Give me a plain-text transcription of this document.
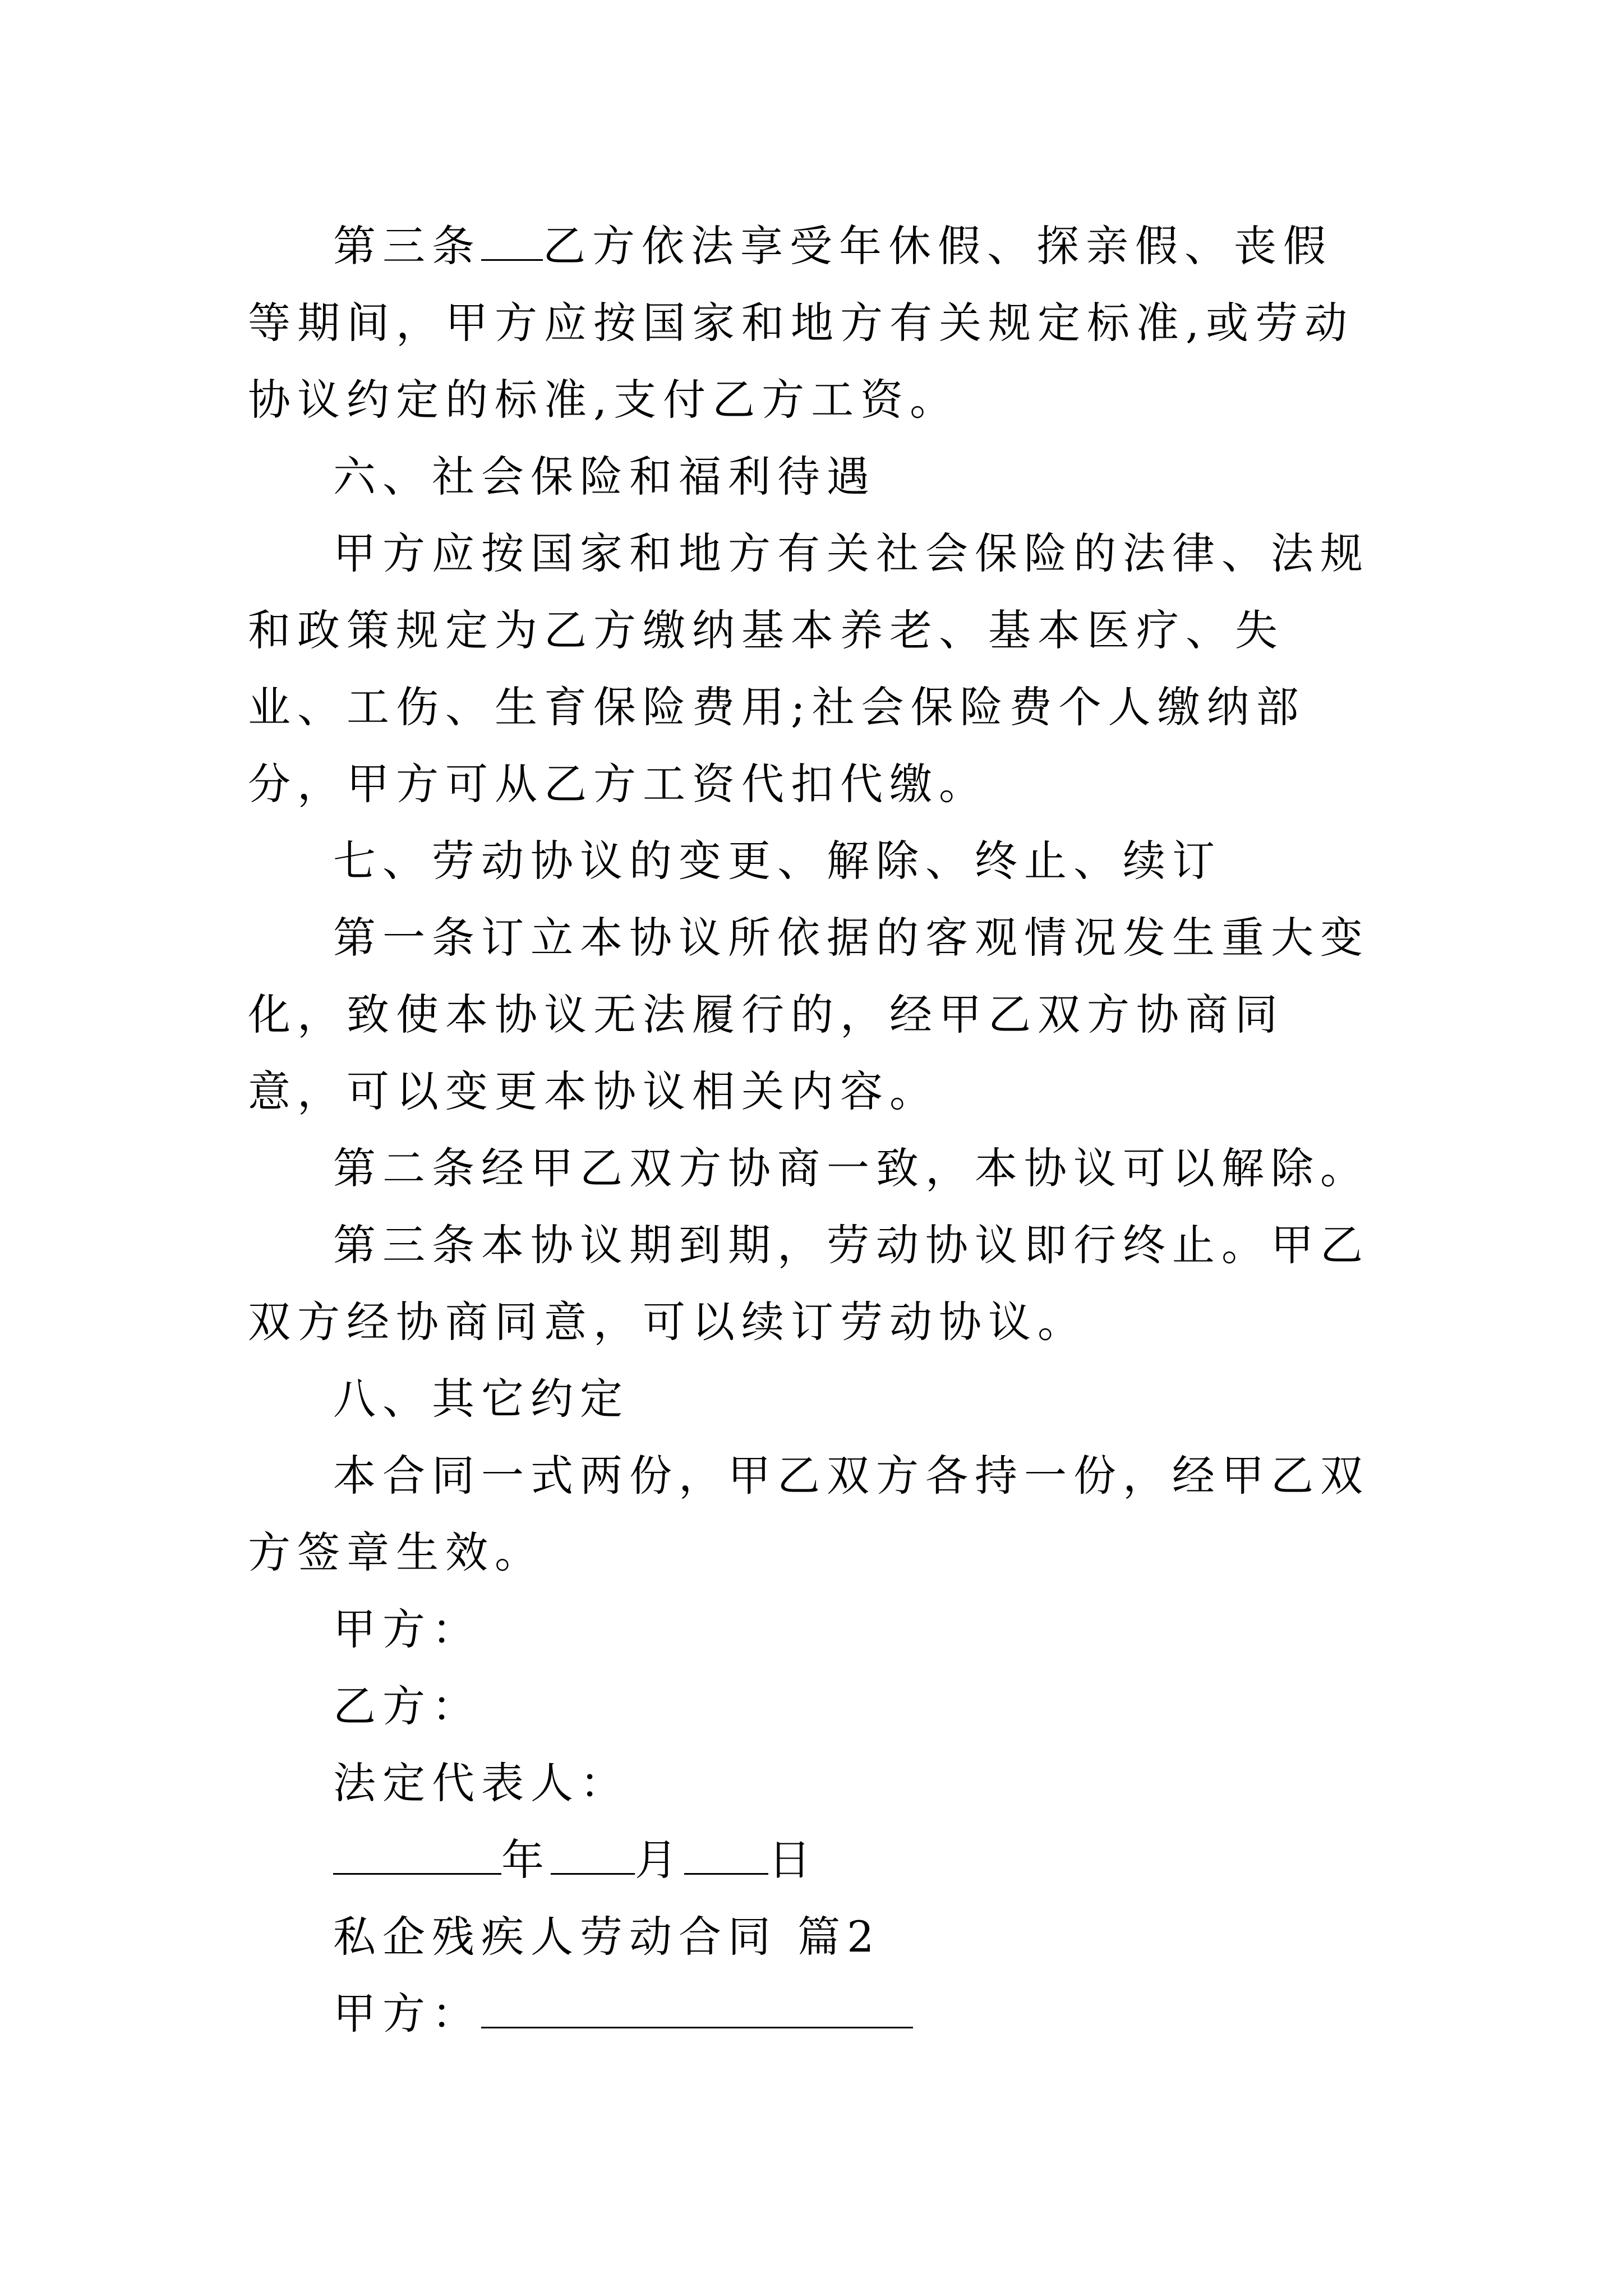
第三条 乙方依法享受年休假、探亲假、丧假等期间，甲方应按国家和地方有关规定标准,或劳动协议约定的标准,支付乙方工资。

六、社会保险和福利待遇

甲方应按国家和地方有关社会保险的法律、法规和政策规定为乙方缴纳基本养老、基本医疗、失业、工伤、生育保险费用;社会保险费个人缴纳部分，甲方可从乙方工资代扣代缴。

七、劳动协议的变更、解除、终止、续订

第一条订立本协议所依据的客观情况发生重大变化，致使本协议无法履行的，经甲乙双方协商同意，可以变更本协议相关内容。

第二条经甲乙双方协商一致，本协议可以解除。

第三条本协议期到期，劳动协议即行终止。甲乙双方经协商同意，可以续订劳动协议。

八、其它约定

本合同一式两份，甲乙双方各持一份，经甲乙双方签章生效。

甲方：

乙方：

法定代表人：

年 月 日

私企残疾人劳动合同 篇2

甲方：
